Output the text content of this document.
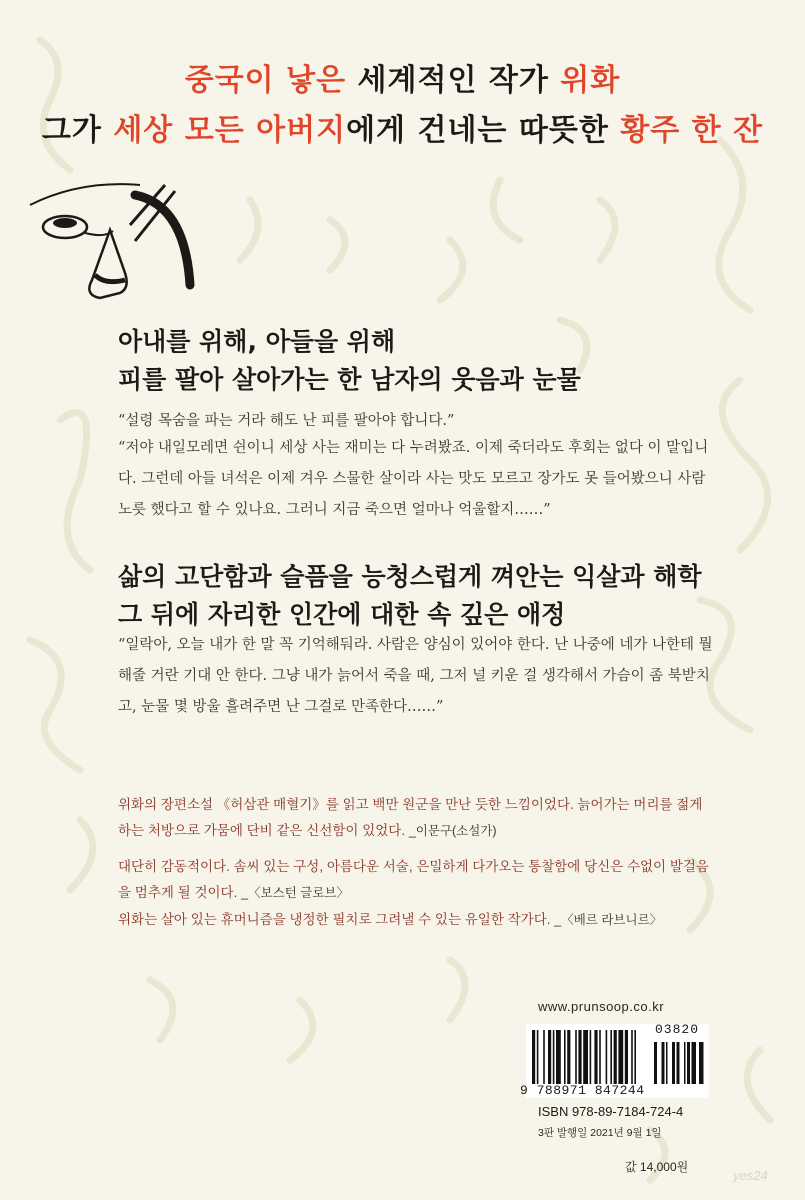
중국이 낳은 세계적인 작가 위화
그가 세상 모든 아버지에게 건네는 따뜻한 황주 한 잔
아내를 위해, 아들을 위해
피를 팔아 살아가는 한 남자의 웃음과 눈물
“설령 목숨을 파는 거라 해도 난 피를 팔아야 합니다.”
“저야 내일모레면 쉰이니 세상 사는 재미는 다 누려봤죠. 이제 죽더라도 후회는 없다 이 말입니다. 그런데 아들 녀석은 이제 겨우 스물한 살이라 사는 맛도 모르고 장가도 못 들어봤으니 사람 노릇 했다고 할 수 있나요. 그러니 지금 죽으면 얼마나 억울할지……”
삶의 고단함과 슬픔을 능청스럽게 껴안는 익살과 해학
그 뒤에 자리한 인간에 대한 속 깊은 애정
“일락아, 오늘 내가 한 말 꼭 기억해둬라. 사람은 양심이 있어야 한다. 난 나중에 네가 나한테 뭘 해줄 거란 기대 안 한다. 그냥 내가 늙어서 죽을 때, 그저 널 키운 걸 생각해서 가슴이 좀 북받치고, 눈물 몇 방울 흘려주면 난 그걸로 만족한다……”
위화의 장편소설 《허삼관 매혈기》를 읽고 백만 원군을 만난 듯한 느낌이었다. 늙어가는 머리를 젊게 하는 처방으로 가뭄에 단비 같은 신선함이 있었다. _이문구(소설가)
대단히 감동적이다. 솜씨 있는 구성, 아름다운 서술, 은밀하게 다가오는 통찰함에 당신은 수없이 발걸음을 멈추게 될 것이다. _〈보스턴 글로브〉
위화는 살아 있는 휴머니즘을 냉정한 필치로 그려낼 수 있는 유일한 작가다. _〈베르 라브니르〉
www.prunsoop.co.kr
03820
9 788971 847244
ISBN 978-89-7184-724-4
3판 발행일 2021년 9월 1일
값 14,000원
yes24
